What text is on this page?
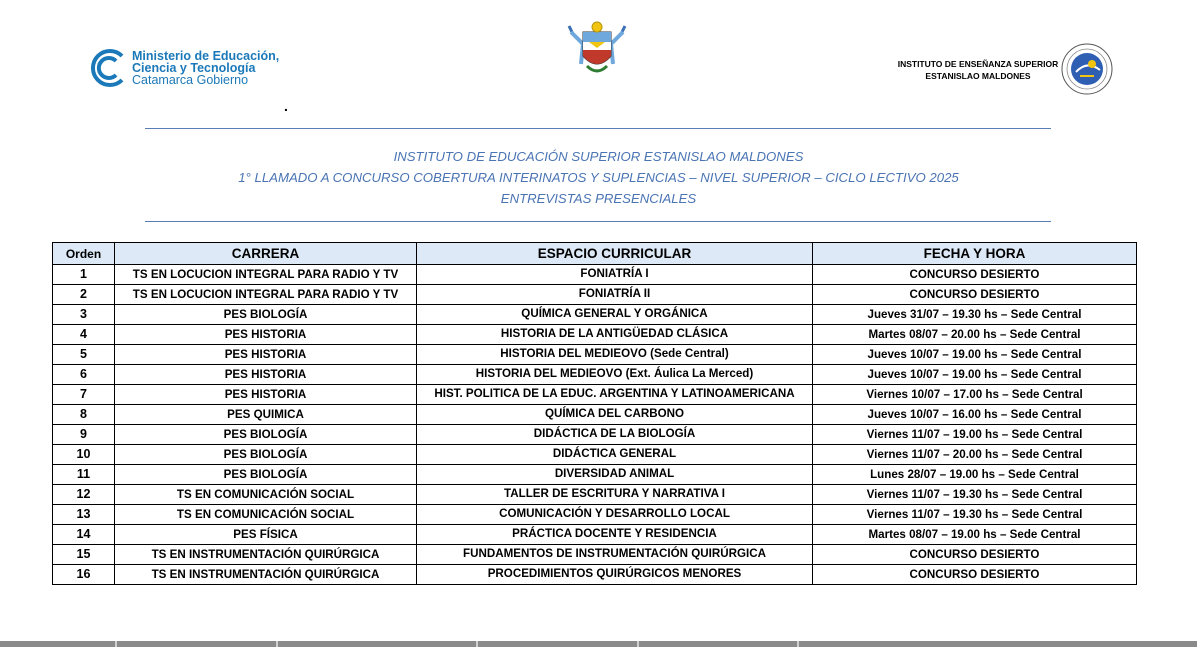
Ministerio de Educación,
Ciencia y Tecnología
Catamarca Gobierno
INSTITUTO DE ENSEÑANZA SUPERIOR
ESTANISLAO MALDONES
.
INSTITUTO DE EDUCACIÓN SUPERIOR ESTANISLAO MALDONES
1° LLAMADO A CONCURSO COBERTURA INTERINATOS Y SUPLENCIAS – NIVEL SUPERIOR – CICLO LECTIVO 2025
ENTREVISTAS PRESENCIALES
Orden	CARRERA	ESPACIO CURRICULAR	FECHA Y HORA
1	TS EN LOCUCION INTEGRAL PARA RADIO Y TV	FONIATRÍA I	CONCURSO DESIERTO
2	TS EN LOCUCION INTEGRAL PARA RADIO Y TV	FONIATRÍA II	CONCURSO DESIERTO
3	PES BIOLOGÍA	QUÍMICA GENERAL Y ORGÁNICA	Jueves 31/07 – 19.30 hs – Sede Central
4	PES HISTORIA	HISTORIA DE LA ANTIGÜEDAD CLÁSICA	Martes 08/07 – 20.00 hs – Sede Central
5	PES HISTORIA	HISTORIA DEL MEDIEOVO (Sede Central)	Jueves 10/07 – 19.00 hs – Sede Central
6	PES HISTORIA	HISTORIA DEL MEDIEOVO (Ext. Áulica La Merced)	Jueves 10/07 – 19.00 hs – Sede Central
7	PES HISTORIA	HIST. POLITICA DE LA EDUC. ARGENTINA Y LATINOAMERICANA	Viernes 10/07 – 17.00 hs – Sede Central
8	PES QUIMICA	QUÍMICA DEL CARBONO	Jueves 10/07 – 16.00 hs – Sede Central
9	PES BIOLOGÍA	DIDÁCTICA DE LA BIOLOGÍA	Viernes 11/07 – 19.00 hs – Sede Central
10	PES BIOLOGÍA	DIDÁCTICA GENERAL	Viernes 11/07 – 20.00 hs – Sede Central
11	PES BIOLOGÍA	DIVERSIDAD ANIMAL	Lunes 28/07 – 19.00 hs – Sede Central
12	TS EN COMUNICACIÓN SOCIAL	TALLER DE ESCRITURA Y NARRATIVA I	Viernes 11/07 – 19.30 hs – Sede Central
13	TS EN COMUNICACIÓN SOCIAL	COMUNICACIÓN Y DESARROLLO LOCAL	Viernes 11/07 – 19.30 hs – Sede Central
14	PES FÍSICA	PRÁCTICA DOCENTE Y RESIDENCIA	Martes 08/07 – 19.00 hs – Sede Central
15	TS EN INSTRUMENTACIÓN QUIRÚRGICA	FUNDAMENTOS DE INSTRUMENTACIÓN QUIRÚRGICA	CONCURSO DESIERTO
16	TS EN INSTRUMENTACIÓN QUIRÚRGICA	PROCEDIMIENTOS QUIRÚRGICOS MENORES	CONCURSO DESIERTO
